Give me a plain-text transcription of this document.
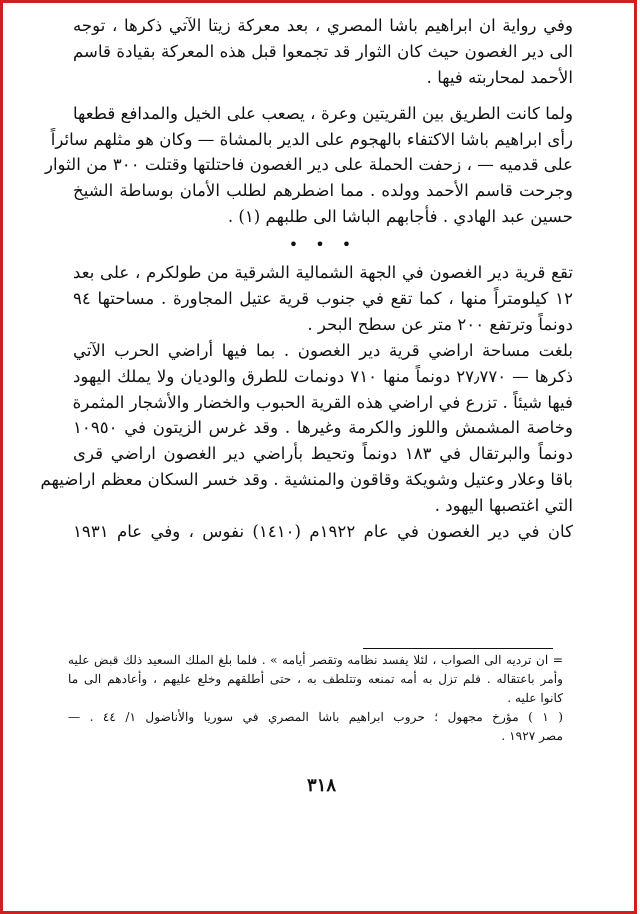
وفي رواية ان ابراهيم باشا المصري ، بعد معركة زيتا الآتي ذكرها ، توجه
الى دير الغصون حيث كان الثوار قد تجمعوا قبل هذه المعركة بقيادة قاسم
الأحمد لمحاربته فيها .
ولما كانت الطريق بين القريتين وعرة ، يصعب على الخيل والمدافع قطعها
رأى ابراهيم باشا الاكتفاء بالهجوم على الدير بالمشاة — وكان هو مثلهم سائراً
على قدميه — ، زحفت الحملة على دير الغصون فاحتلتها وقتلت ٣٠٠ من الثوار
وجرحت قاسم الأحمد وولده . مما اضطرهم لطلب الأمان بوساطة الشيخ
حسين عبد الهادي . فأجابهم الباشا الى طلبهم (١) .
• • •
تقع قرية دير الغصون في الجهة الشمالية الشرقية من طولكرم ، على بعد
١٢ كيلومتراً منها ، كما تقع في جنوب قرية عتيل المجاورة . مساحتها ٩٤
دونماً وترتفع ٢٠٠ متر عن سطح البحر .
بلغت مساحة اراضي قرية دير الغصون . بما فيها أراضي الحرب الآتي
ذكرها — ٢٧٫٧٧٠ دونماً منها ٧١٠ دونمات للطرق والوديان ولا يملك اليهود
فيها شيئاً . تزرع في اراضي هذه القرية الحبوب والخضار والأشجار المثمرة
وخاصة المشمش واللوز والكرمة وغيرها . وقد غرس الزيتون في ١٠٩٥٠
دونماً والبرتقال في ١٨٣ دونماً وتحيط بأراضي دير الغصون اراضي قرى
باقا وعلار وعتيل وشويكة وقاقون والمنشية . وقد خسر السكان معظم اراضيهم
التي اغتصبها اليهود .
كان في دير الغصون في عام ١٩٢٢م (١٤١٠) نفوس ، وفي عام ١٩٣١
= ان ترديه الى الصواب ، لئلا يفسد نظامه وتقصر أيامه » . فلما بلغ الملك السعيد ذلك قبض عليه
وأمر باعتقاله . فلم تزل به أمه تمنعه وتتلطف به ، حتى أطلقهم وخلع عليهم ، وأعادهم الى ما
كانوا عليه .
( ١ ) مؤرخ مجهول ؛ حروب ابراهيم باشا المصري في سوريا والأناضول ١/ ٤٤ . —
مصر ١٩٢٧ .
٣١٨
